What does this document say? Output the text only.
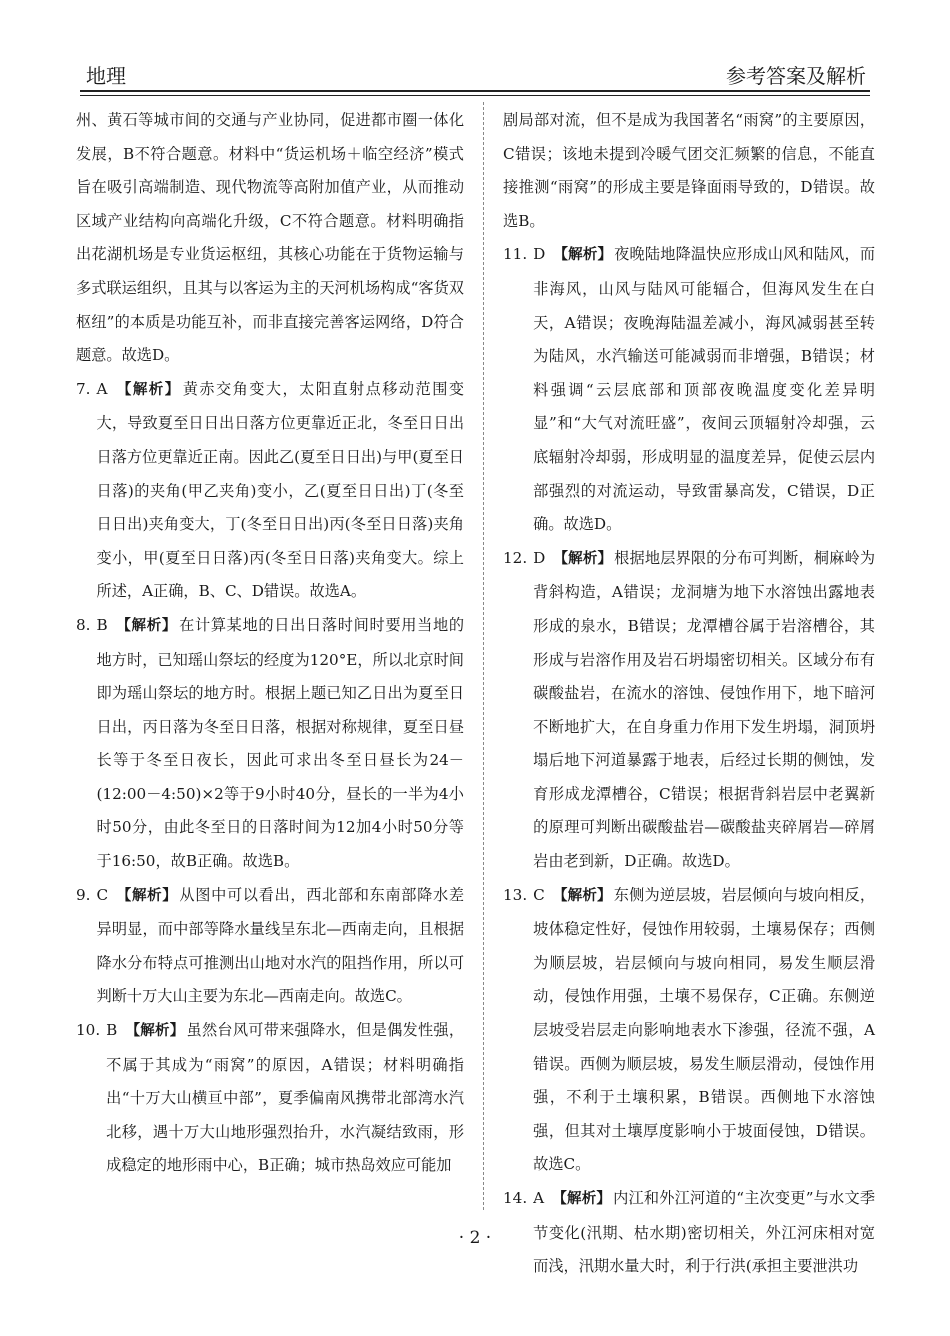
地理	参考答案及解析

州、黄石等城市间的交通与产业协同，促进都市圈一体化发展，B不符合题意。材料中“货运机场＋临空经济”模式旨在吸引高端制造、现代物流等高附加值产业，从而推动区域产业结构向高端化升级，C不符合题意。材料明确指出花湖机场是专业货运枢纽，其核心功能在于货物运输与多式联运组织，且其与以客运为主的天河机场构成“客货双枢纽”的本质是功能互补，而非直接完善客运网络，D符合题意。故选D。

7. A 【解析】 黄赤交角变大，太阳直射点移动范围变大，导致夏至日日出日落方位更靠近正北，冬至日日出日落方位更靠近正南。因此乙(夏至日日出)与甲(夏至日日落)的夹角(甲乙夹角)变小，乙(夏至日日出)丁(冬至日日出)夹角变大，丁(冬至日日出)丙(冬至日日落)夹角变小，甲(夏至日日落)丙(冬至日日落)夹角变大。综上所述，A正确，B、C、D错误。故选A。
8. B 【解析】 在计算某地的日出日落时间时要用当地的地方时，已知瑶山祭坛的经度为120°E，所以北京时间即为瑶山祭坛的地方时。根据上题已知乙日出为夏至日日出，丙日落为冬至日日落，根据对称规律，夏至日昼长等于冬至日夜长，因此可求出冬至日昼长为24－(12:00－4:50)×2等于9小时40分，昼长的一半为4小时50分，由此冬至日的日落时间为12加4小时50分等于16:50，故B正确。故选B。
9. C 【解析】 从图中可以看出，西北部和东南部降水差异明显，而中部等降水量线呈东北—西南走向，且根据降水分布特点可推测出山地对水汽的阻挡作用，所以可判断十万大山主要为东北—西南走向。故选C。
10. B 【解析】 虽然台风可带来强降水，但是偶发性强，不属于其成为“雨窝”的原因，A错误；材料明确指出“十万大山横亘中部”，夏季偏南风携带北部湾水汽北移，遇十万大山地形强烈抬升，水汽凝结致雨，形成稳定的地形雨中心，B正确；城市热岛效应可能加

剧局部对流，但不是成为我国著名“雨窝”的主要原因，C错误；该地未提到冷暖气团交汇频繁的信息，不能直接推测“雨窝”的形成主要是锋面雨导致的，D错误。故选B。

11. D 【解析】 夜晚陆地降温快应形成山风和陆风，而非海风，山风与陆风可能辐合，但海风发生在白天，A错误；夜晚海陆温差减小，海风减弱甚至转为陆风，水汽输送可能减弱而非增强，B错误；材料强调“云层底部和顶部夜晚温度变化差异明显”和“大气对流旺盛”，夜间云顶辐射冷却强，云底辐射冷却弱，形成明显的温度差异，促使云层内部强烈的对流运动，导致雷暴高发，C错误，D正确。故选D。
12. D 【解析】 根据地层界限的分布可判断，桐麻岭为背斜构造，A错误；龙洞塘为地下水溶蚀出露地表形成的泉水，B错误；龙潭槽谷属于岩溶槽谷，其形成与岩溶作用及岩石坍塌密切相关。区域分布有碳酸盐岩，在流水的溶蚀、侵蚀作用下，地下暗河不断地扩大，在自身重力作用下发生坍塌，洞顶坍塌后地下河道暴露于地表，后经过长期的侧蚀，发育形成龙潭槽谷，C错误；根据背斜岩层中老翼新的原理可判断出碳酸盐岩—碳酸盐夹碎屑岩—碎屑岩由老到新，D正确。故选D。
13. C 【解析】 东侧为逆层坡，岩层倾向与坡向相反，坡体稳定性好，侵蚀作用较弱，土壤易保存；西侧为顺层坡，岩层倾向与坡向相同，易发生顺层滑动，侵蚀作用强，土壤不易保存，C正确。东侧逆层坡受岩层走向影响地表水下渗强，径流不强，A错误。西侧为顺层坡，易发生顺层滑动，侵蚀作用强，不利于土壤积累，B错误。西侧地下水溶蚀强，但其对土壤厚度影响小于坡面侵蚀，D错误。故选C。
14. A 【解析】 内江和外江河道的“主次变更”与水文季节变化(汛期、枯水期)密切相关，外江河床相对宽而浅，汛期水量大时，利于行洪(承担主要泄洪功
· 2 ·
